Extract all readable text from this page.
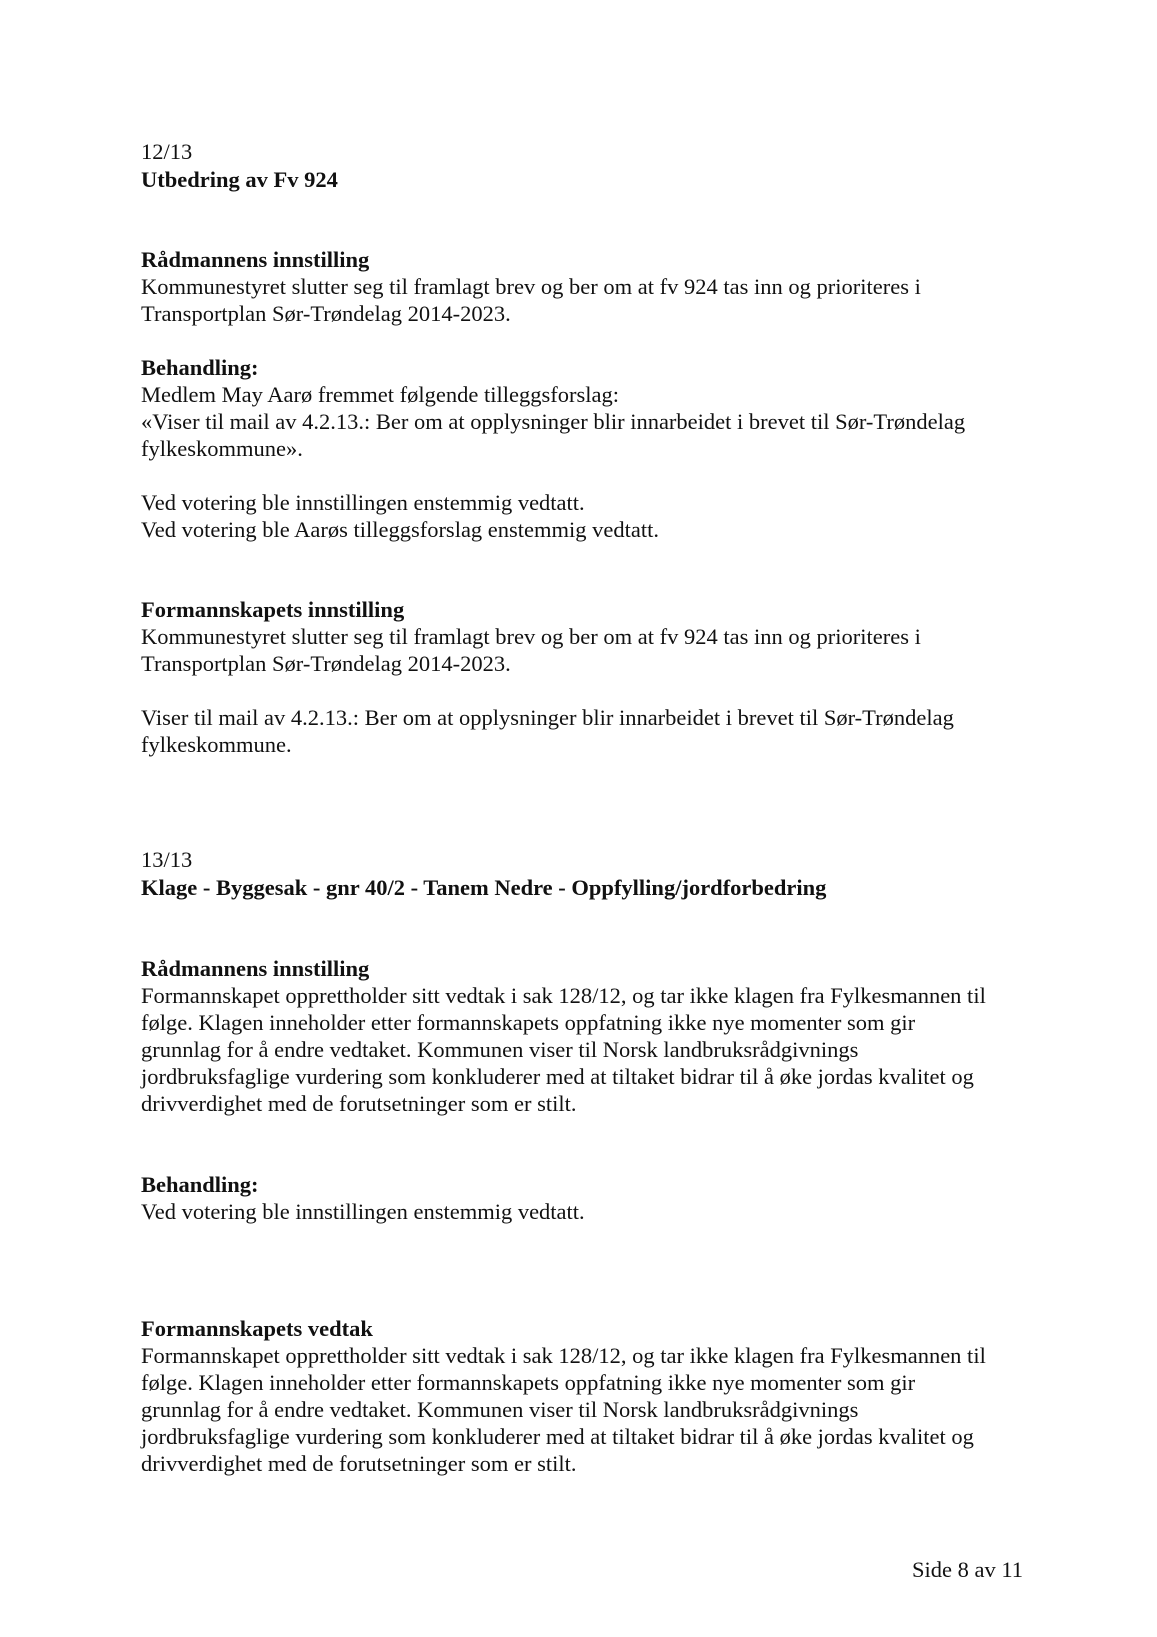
12/13
Utbedring av Fv 924
Rådmannens innstilling
Kommunestyret slutter seg til framlagt brev og ber om at fv 924 tas inn og prioriteres i
Transportplan Sør-Trøndelag 2014-2023.
Behandling:
Medlem May Aarø fremmet følgende tilleggsforslag:
«Viser til mail av 4.2.13.: Ber om at opplysninger blir innarbeidet i brevet til Sør-Trøndelag
fylkeskommune».
Ved votering ble innstillingen enstemmig vedtatt.
Ved votering ble Aarøs tilleggsforslag enstemmig vedtatt.
Formannskapets innstilling
Kommunestyret slutter seg til framlagt brev og ber om at fv 924 tas inn og prioriteres i
Transportplan Sør-Trøndelag 2014-2023.
Viser til mail av 4.2.13.: Ber om at opplysninger blir innarbeidet i brevet til Sør-Trøndelag
fylkeskommune.
13/13
Klage - Byggesak - gnr 40/2 - Tanem Nedre - Oppfylling/jordforbedring
Rådmannens innstilling
Formannskapet opprettholder sitt vedtak i sak 128/12, og tar ikke klagen fra Fylkesmannen til
følge. Klagen inneholder etter formannskapets oppfatning ikke nye momenter som gir
grunnlag for å endre vedtaket. Kommunen viser til Norsk landbruksrådgivnings
jordbruksfaglige vurdering som konkluderer med at tiltaket bidrar til å øke jordas kvalitet og
drivverdighet med de forutsetninger som er stilt.
Behandling:
Ved votering ble innstillingen enstemmig vedtatt.
Formannskapets vedtak
Formannskapet opprettholder sitt vedtak i sak 128/12, og tar ikke klagen fra Fylkesmannen til
følge. Klagen inneholder etter formannskapets oppfatning ikke nye momenter som gir
grunnlag for å endre vedtaket. Kommunen viser til Norsk landbruksrådgivnings
jordbruksfaglige vurdering som konkluderer med at tiltaket bidrar til å øke jordas kvalitet og
drivverdighet med de forutsetninger som er stilt.
Side 8 av 11
